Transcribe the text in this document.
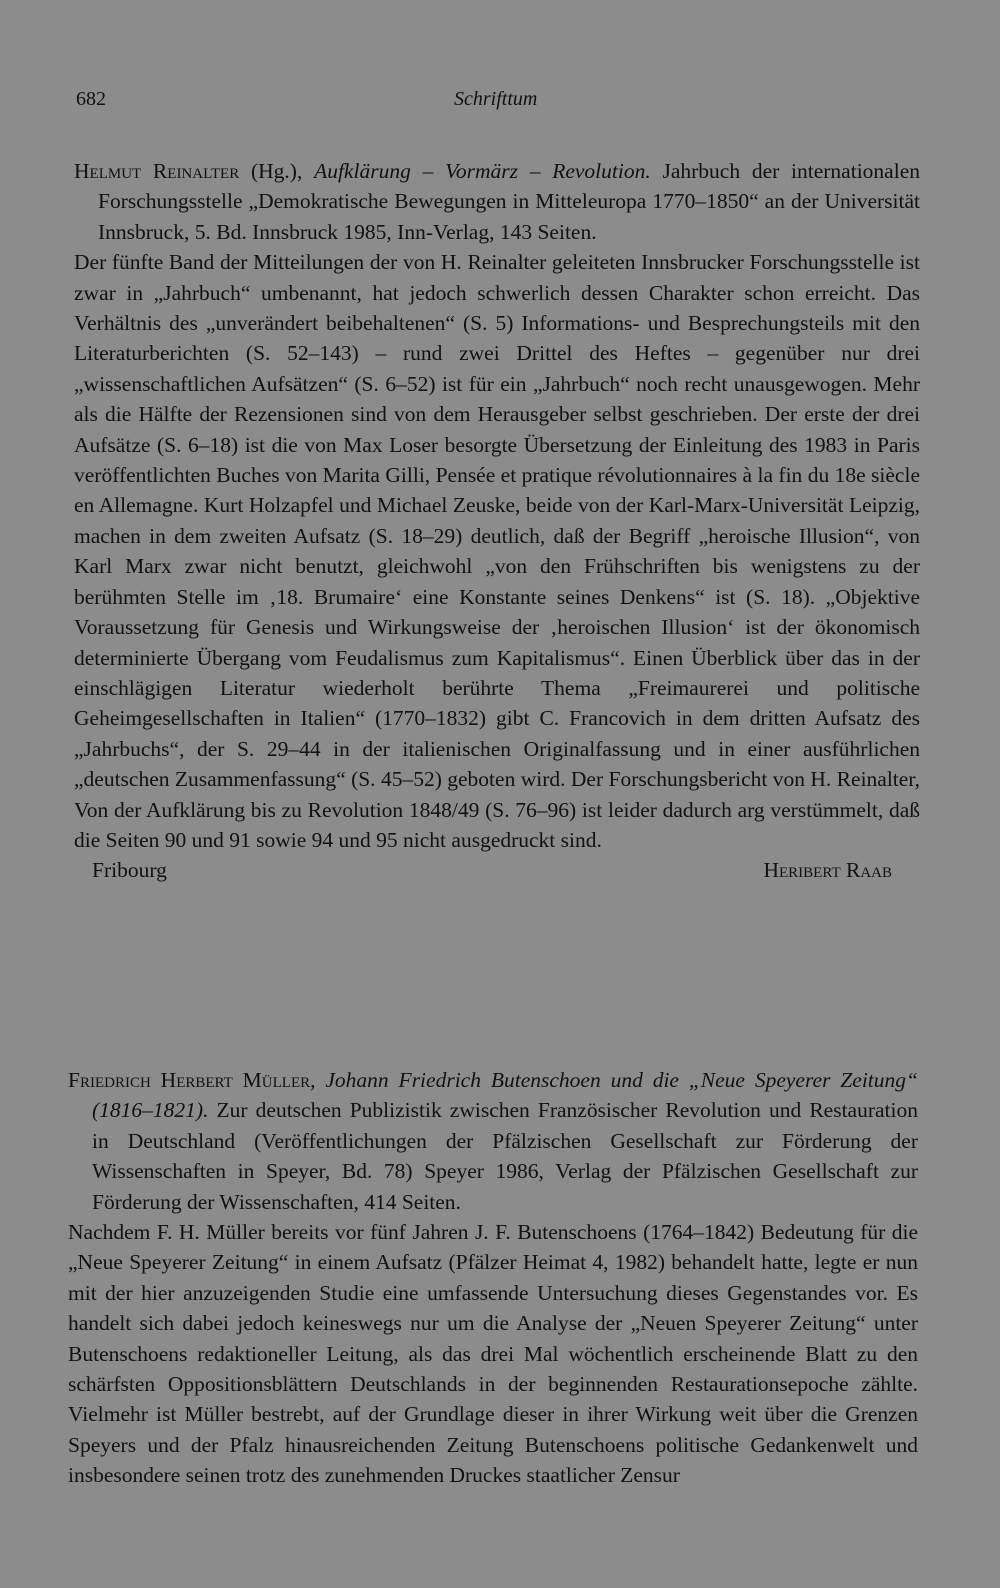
682	Schrifttum

Helmut Reinalter (Hg.), Aufklärung – Vormärz – Revolution. Jahrbuch der internationalen Forschungsstelle „Demokratische Bewegungen in Mitteleuropa 1770–1850“ an der Universität Innsbruck, 5. Bd. Innsbruck 1985, Inn-Verlag, 143 Seiten.

Der fünfte Band der Mitteilungen der von H. Reinalter geleiteten Innsbrucker Forschungsstelle ist zwar in „Jahrbuch“ umbenannt, hat jedoch schwerlich dessen Charakter schon erreicht. Das Verhältnis des „unverändert beibehaltenen“ (S. 5) Informations- und Besprechungsteils mit den Literaturberichten (S. 52–143) – rund zwei Drittel des Heftes – gegenüber nur drei „wissenschaftlichen Aufsätzen“ (S. 6–52) ist für ein „Jahrbuch“ noch recht unausgewogen. Mehr als die Hälfte der Rezensionen sind von dem Herausgeber selbst geschrieben. Der erste der drei Aufsätze (S. 6–18) ist die von Max Loser besorgte Übersetzung der Einleitung des 1983 in Paris veröffentlichten Buches von Marita Gilli, Pensée et pratique révolutionnaires à la fin du 18e siècle en Allemagne. Kurt Holzapfel und Michael Zeuske, beide von der Karl-Marx-Universität Leipzig, machen in dem zweiten Aufsatz (S. 18–29) deutlich, daß der Begriff „heroische Illusion“, von Karl Marx zwar nicht benutzt, gleichwohl „von den Frühschriften bis wenigstens zu der berühmten Stelle im ‚18. Brumaire‘ eine Konstante seines Denkens“ ist (S. 18). „Objektive Voraussetzung für Genesis und Wirkungsweise der ‚heroischen Illusion‘ ist der ökonomisch determinierte Übergang vom Feudalismus zum Kapitalismus“. Einen Überblick über das in der einschlägigen Literatur wiederholt berührte Thema „Freimaurerei und politische Geheimgesellschaften in Italien“ (1770–1832) gibt C. Francovich in dem dritten Aufsatz des „Jahrbuchs“, der S. 29–44 in der italienischen Originalfassung und in einer ausführlichen „deutschen Zusammenfassung“ (S. 45–52) geboten wird. Der Forschungsbericht von H. Reinalter, Von der Aufklärung bis zu Revolution 1848/49 (S. 76–96) ist leider dadurch arg verstümmelt, daß die Seiten 90 und 91 sowie 94 und 95 nicht ausgedruckt sind.

Fribourg	Heribert Raab

Friedrich Herbert Müller, Johann Friedrich Butenschoen und die „Neue Speyerer Zeitung“ (1816–1821). Zur deutschen Publizistik zwischen Französischer Revolution und Restauration in Deutschland (Veröffentlichungen der Pfälzischen Gesellschaft zur Förderung der Wissenschaften in Speyer, Bd. 78) Speyer 1986, Verlag der Pfälzischen Gesellschaft zur Förderung der Wissenschaften, 414 Seiten.

Nachdem F. H. Müller bereits vor fünf Jahren J. F. Butenschoens (1764–1842) Bedeutung für die „Neue Speyerer Zeitung“ in einem Aufsatz (Pfälzer Heimat 4, 1982) behandelt hatte, legte er nun mit der hier anzuzeigenden Studie eine umfassende Untersuchung dieses Gegenstandes vor. Es handelt sich dabei jedoch keineswegs nur um die Analyse der „Neuen Speyerer Zeitung“ unter Butenschoens redaktioneller Leitung, als das drei Mal wöchentlich erscheinende Blatt zu den schärfsten Oppositionsblättern Deutschlands in der beginnenden Restaurationsepoche zählte. Vielmehr ist Müller bestrebt, auf der Grundlage dieser in ihrer Wirkung weit über die Grenzen Speyers und der Pfalz hinausreichenden Zeitung Butenschoens politische Gedankenwelt und insbesondere seinen trotz des zunehmenden Druckes staatlicher Zensur
